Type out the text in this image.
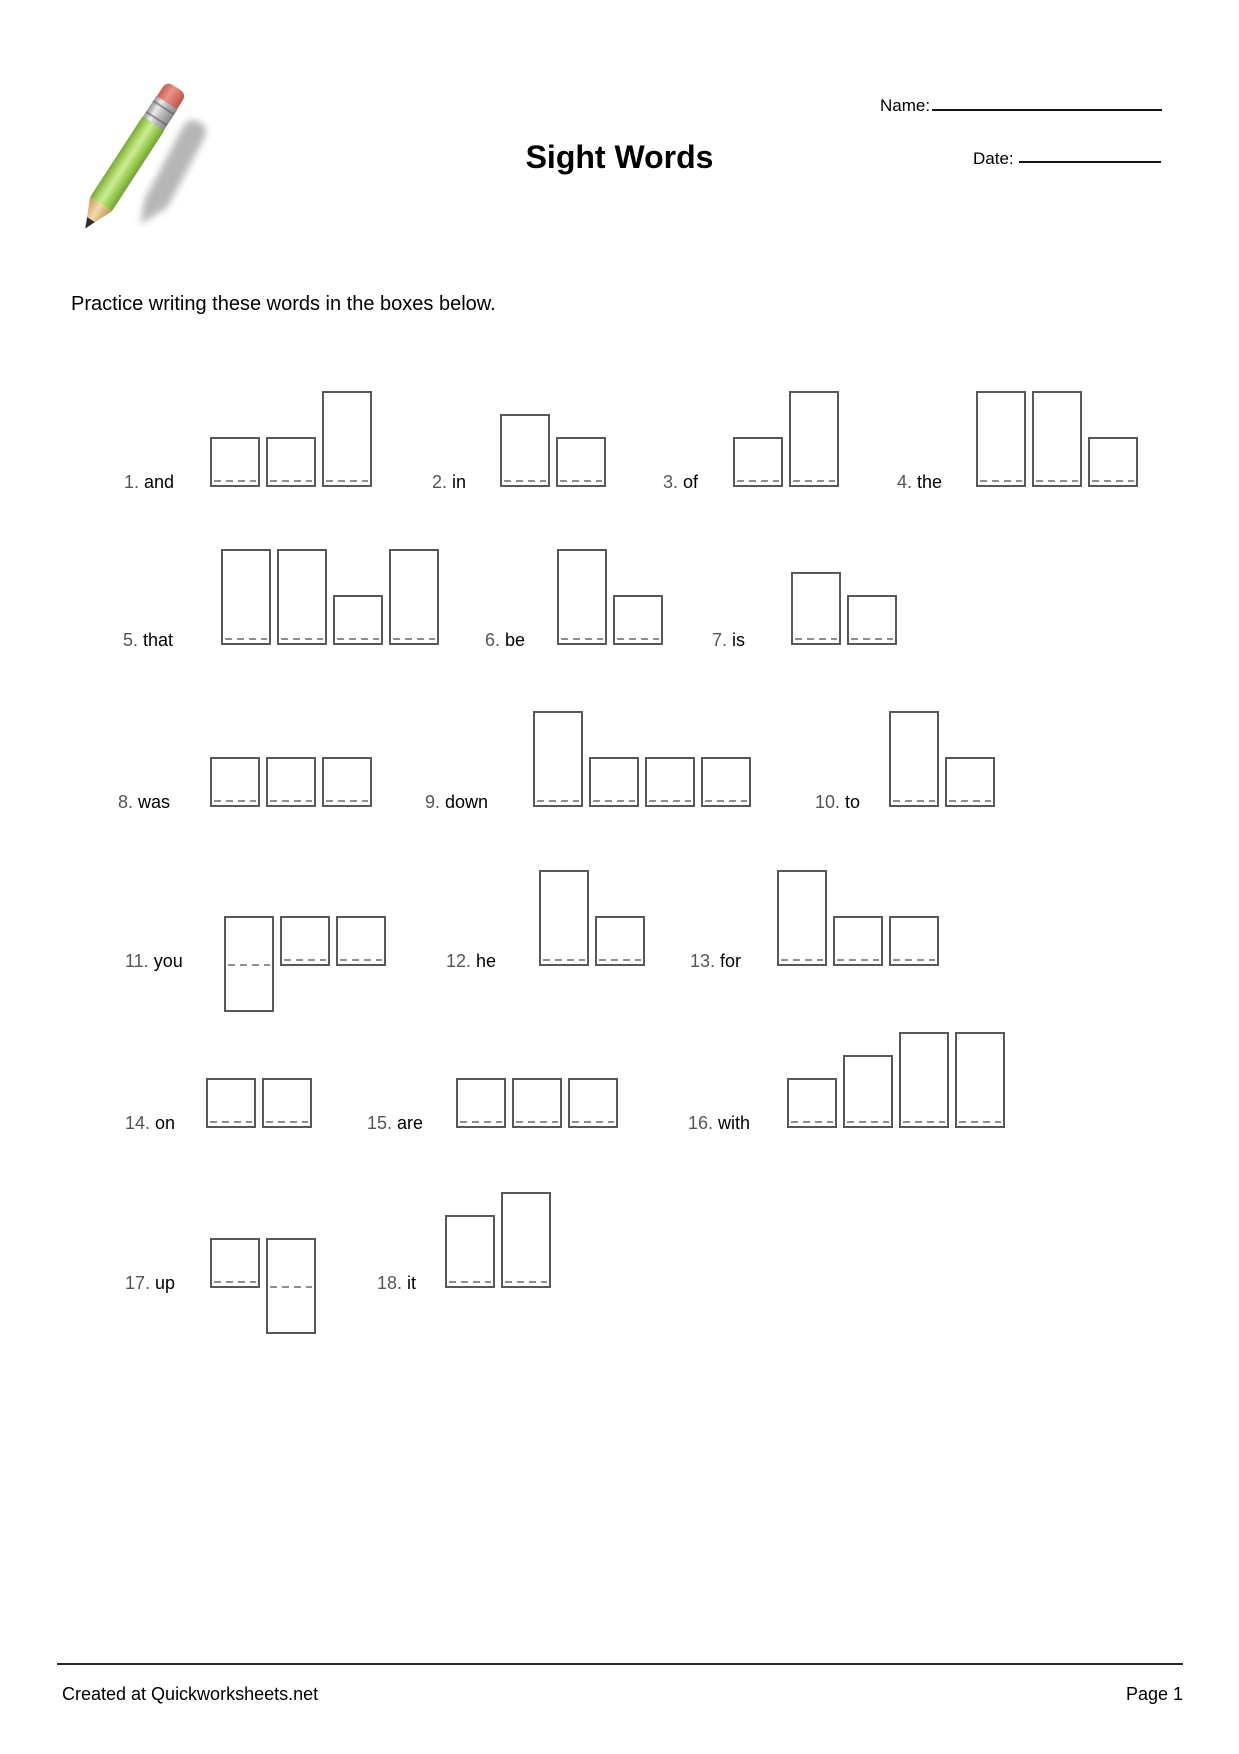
Sight Words
Name:
Date:
Practice writing these words in the boxes below.
1. and	2. in	3. of	4. the
5. that	6. be	7. is
8. was	9. down	10. to
11. you	12. he	13. for
14. on	15. are	16. with
17. up	18. it
Created at Quickworksheets.net	Page 1
